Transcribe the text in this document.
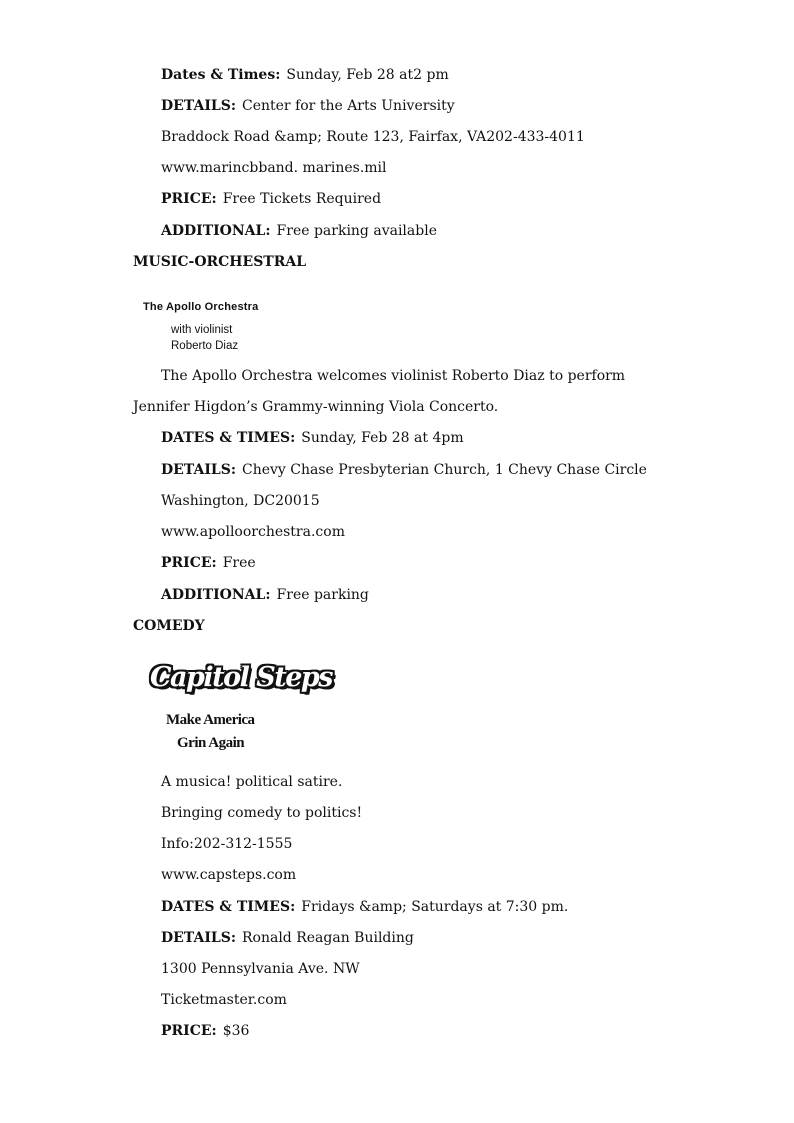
Dates & Times: Sunday, Feb 28 at2 pm
DETAILS: Center for the Arts University
Braddock Road &amp; Route 123, Fairfax, VA202-433-4011
www.marincbband. marines.mil
PRICE: Free Tickets Required
ADDITIONAL: Free parking available
MUSIC-ORCHESTRAL
The Apollo Orchestra
with violinist
Roberto Diaz
The Apollo Orchestra welcomes violinist Roberto Diaz to perform
Jennifer Higdon’s Grammy-winning Viola Concerto.
DATES & TIMES: Sunday, Feb 28 at 4pm
DETAILS: Chevy Chase Presbyterian Church, 1 Chevy Chase Circle
Washington, DC20015
www.apolloorchestra.com
PRICE: Free
ADDITIONAL: Free parking
COMEDY
Capitol Steps
Make America
Grin Again
A musica! political satire.
Bringing comedy to politics!
Info:202-312-1555
www.capsteps.com
DATES & TIMES: Fridays &amp; Saturdays at 7:30 pm.
DETAILS: Ronald Reagan Building
1300 Pennsylvania Ave. NW
Ticketmaster.com
PRICE: $36
